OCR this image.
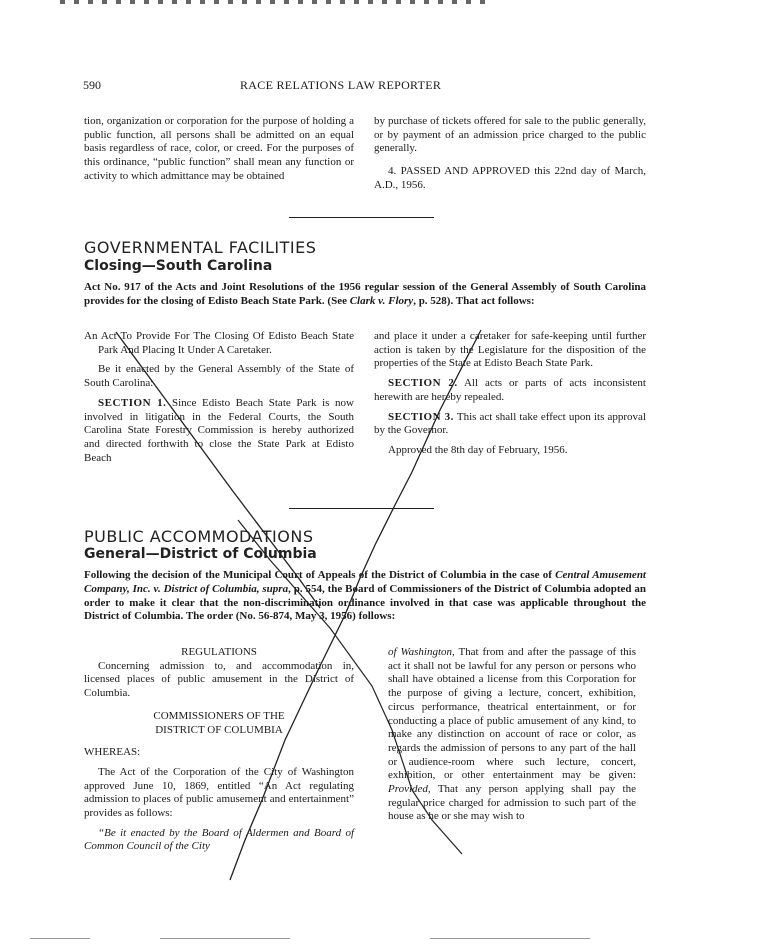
590	RACE RELATIONS LAW REPORTER

tion, organization or corporation for the purpose of holding a public function, all persons shall be admitted on an equal basis regardless of race, color, or creed. For the purposes of this ordinance, “public function” shall mean any function or activity to which admittance may be obtained

by purchase of tickets offered for sale to the public generally, or by payment of an admission price charged to the public generally.

4. PASSED AND APPROVED this 22nd day of March, A.D., 1956.

GOVERNMENTAL FACILITIES
Closing—South Carolina
Act No. 917 of the Acts and Joint Resolutions of the 1956 regular session of the General Assembly of South Carolina provides for the closing of Edisto Beach State Park. (See Clark v. Flory, p. 528). That act follows:

An Act To Provide For The Closing Of Edisto Beach State Park And Placing It Under A Caretaker.

Be it enacted by the General Assembly of the State of South Carolina:

SECTION 1. Since Edisto Beach State Park is now involved in litigation in the Federal Courts, the South Carolina State Forestry Commission is hereby authorized and directed forthwith to close the State Park at Edisto Beach

and place it under a caretaker for safe-keeping until further action is taken by the Legislature for the disposition of the properties of the State at Edisto Beach State Park.

SECTION 2. All acts or parts of acts inconsistent herewith are hereby repealed.

SECTION 3. This act shall take effect upon its approval by the Governor.

Approved the 8th day of February, 1956.

PUBLIC ACCOMMODATIONS
General—District of Columbia
Following the decision of the Municipal Court of Appeals of the District of Columbia in the case of Central Amusement Company, Inc. v. District of Columbia, supra, p. 554, the Board of Commissioners of the District of Columbia adopted an order to make it clear that the non-discrimination ordinance involved in that case was applicable throughout the District of Columbia. The order (No. 56-874, May 3, 1956) follows:

REGULATIONS

Concerning admission to, and accommodation in, licensed places of public amusement in the District of Columbia.

COMMISSIONERS OF THE

DISTRICT OF COLUMBIA

WHEREAS:

The Act of the Corporation of the City of Washington approved June 10, 1869, entitled “An Act regulating admission to places of public amusement and entertainment” provides as follows:

“Be it enacted by the Board of Aldermen and Board of Common Council of the City

of Washington, That from and after the passage of this act it shall not be lawful for any person or persons who shall have obtained a license from this Corporation for the purpose of giving a lecture, concert, exhibition, circus performance, theatrical entertainment, or for conducting a place of public amusement of any kind, to make any distinction on account of race or color, as regards the admission of persons to any part of the hall or audience-room where such lecture, concert, exhibition, or other entertainment may be given: Provided, That any person applying shall pay the regular price charged for admission to such part of the house as he or she may wish to
